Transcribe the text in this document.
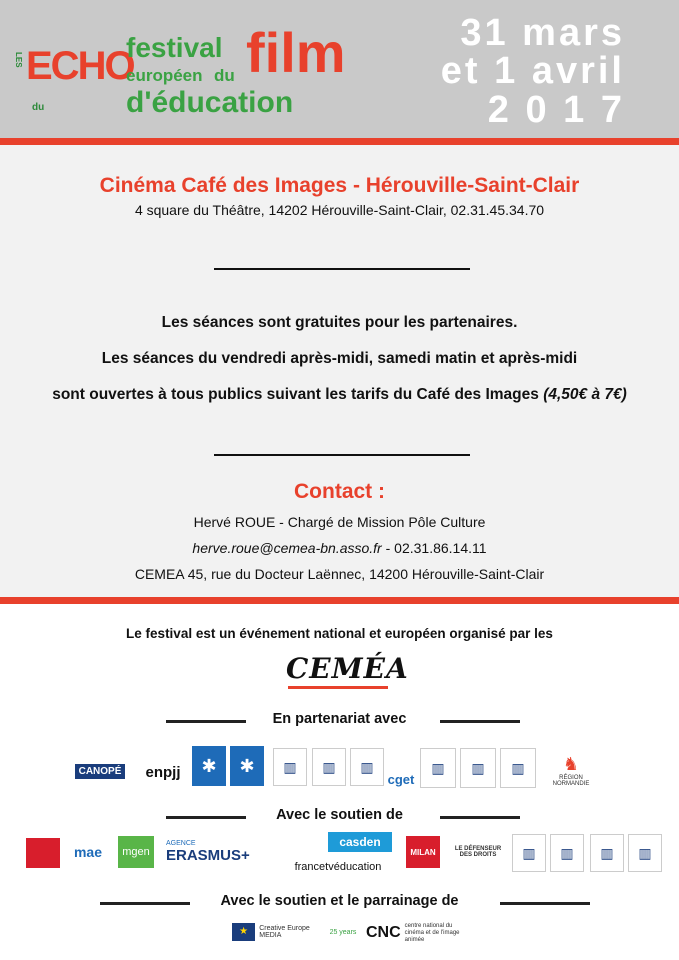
LES ECHO
du
festival
européen du film
d'éducation
31 mars
et 1 avril
2 0 1 7
Cinéma Café des Images - Hérouville-Saint-Clair
4 square du Théâtre, 14202 Hérouville-Saint-Clair, 02.31.45.34.70
Les séances sont gratuites pour les partenaires.
Les séances du vendredi après-midi, samedi matin et après-midi
sont ouvertes à tous publics suivant les tarifs du Café des Images (4,50€ à 7€)
Contact :
Hervé ROUE - Chargé de Mission Pôle Culture
herve.roue@cemea-bn.asso.fr - 02.31.86.14.11
CEMEA 45, rue du Docteur Laënnec, 14200 Hérouville-Saint-Clair
Le festival est un événement national et européen organisé par les
CEMÉA
En partenariat avec
CANOPÉ enpjj ✱ ✱ ▥ ▥ ▥
cget
▥ ▥ ▥ ♞
RÉGION NORMANDIE
Avec le soutien de
mae mgen
AGENCE
ERASMUS+
casden
francetvéducation
MILAN	LE DÉFENSEUR DES DROITS	▥ ▥ ▥ ▥
Avec le soutien et le parrainage de
★	Creative Europe MEDIA	25 years CNC centre national du cinéma et de l'image animée
